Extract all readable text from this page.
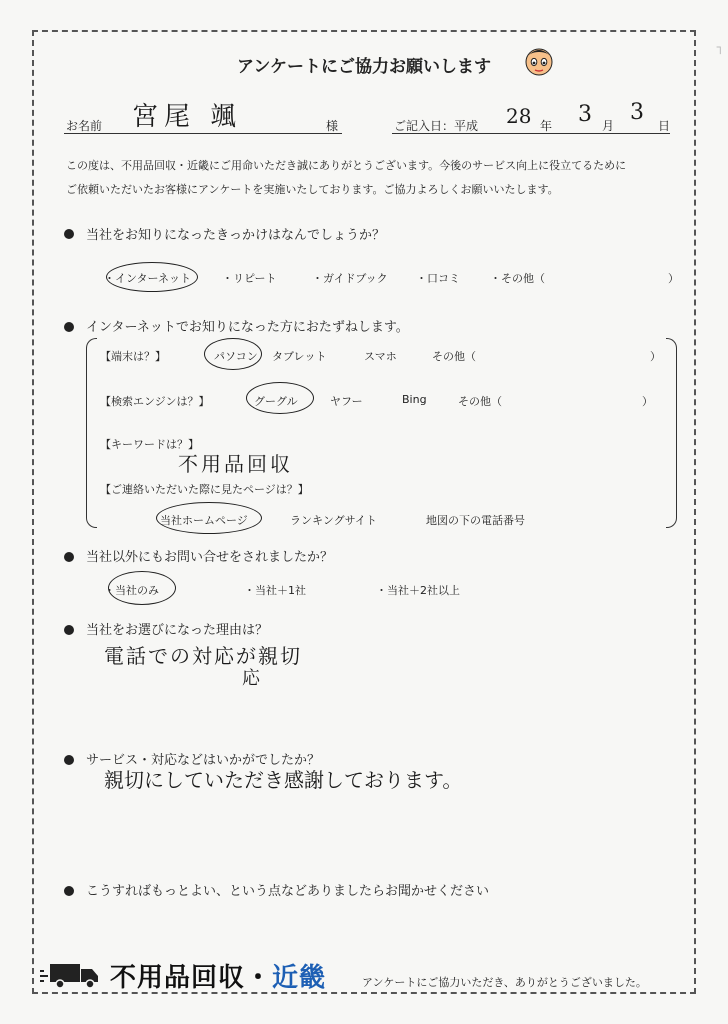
┐
アンケートにご協力お願いします
お名前 宮尾 颯	様	ご記入日：平成 28 年 3 月
3
日
この度は、不用品回収・近畿にご用命いただき誠にありがとうございます。今後のサービス向上に役立てるために
ご依頼いただいたお客様にアンケートを実施いたしております。ご協力よろしくお願いいたします。
当社をお知りになったきっかけはなんでしょうか？
・インターネット	・リピート	・ガイドブック	・口コミ	・その他（	）
インターネットでお知りになった方におたずねします。
【端末は？】	パソコン タブレット	スマホ	その他（	）
【検索エンジンは？】	グーグル	ヤフー	Bing	その他（	）
【キーワードは？】
不用品回収
【ご連絡いただいた際に見たページは？】
当社ホームページ	ランキングサイト	地図の下の電話番号
当社以外にもお問い合せをされましたか？
・当社のみ	・当社＋1社	・当社＋2社以上
当社をお選びになった理由は？
電話での対応が親切
応
サービス・対応などはいかがでしたか？
親切にしていただき感謝しております。
こうすればもっとよい、という点などありましたらお聞かせください
不用品回収・近畿	アンケートにご協力いただき、ありがとうございました。
